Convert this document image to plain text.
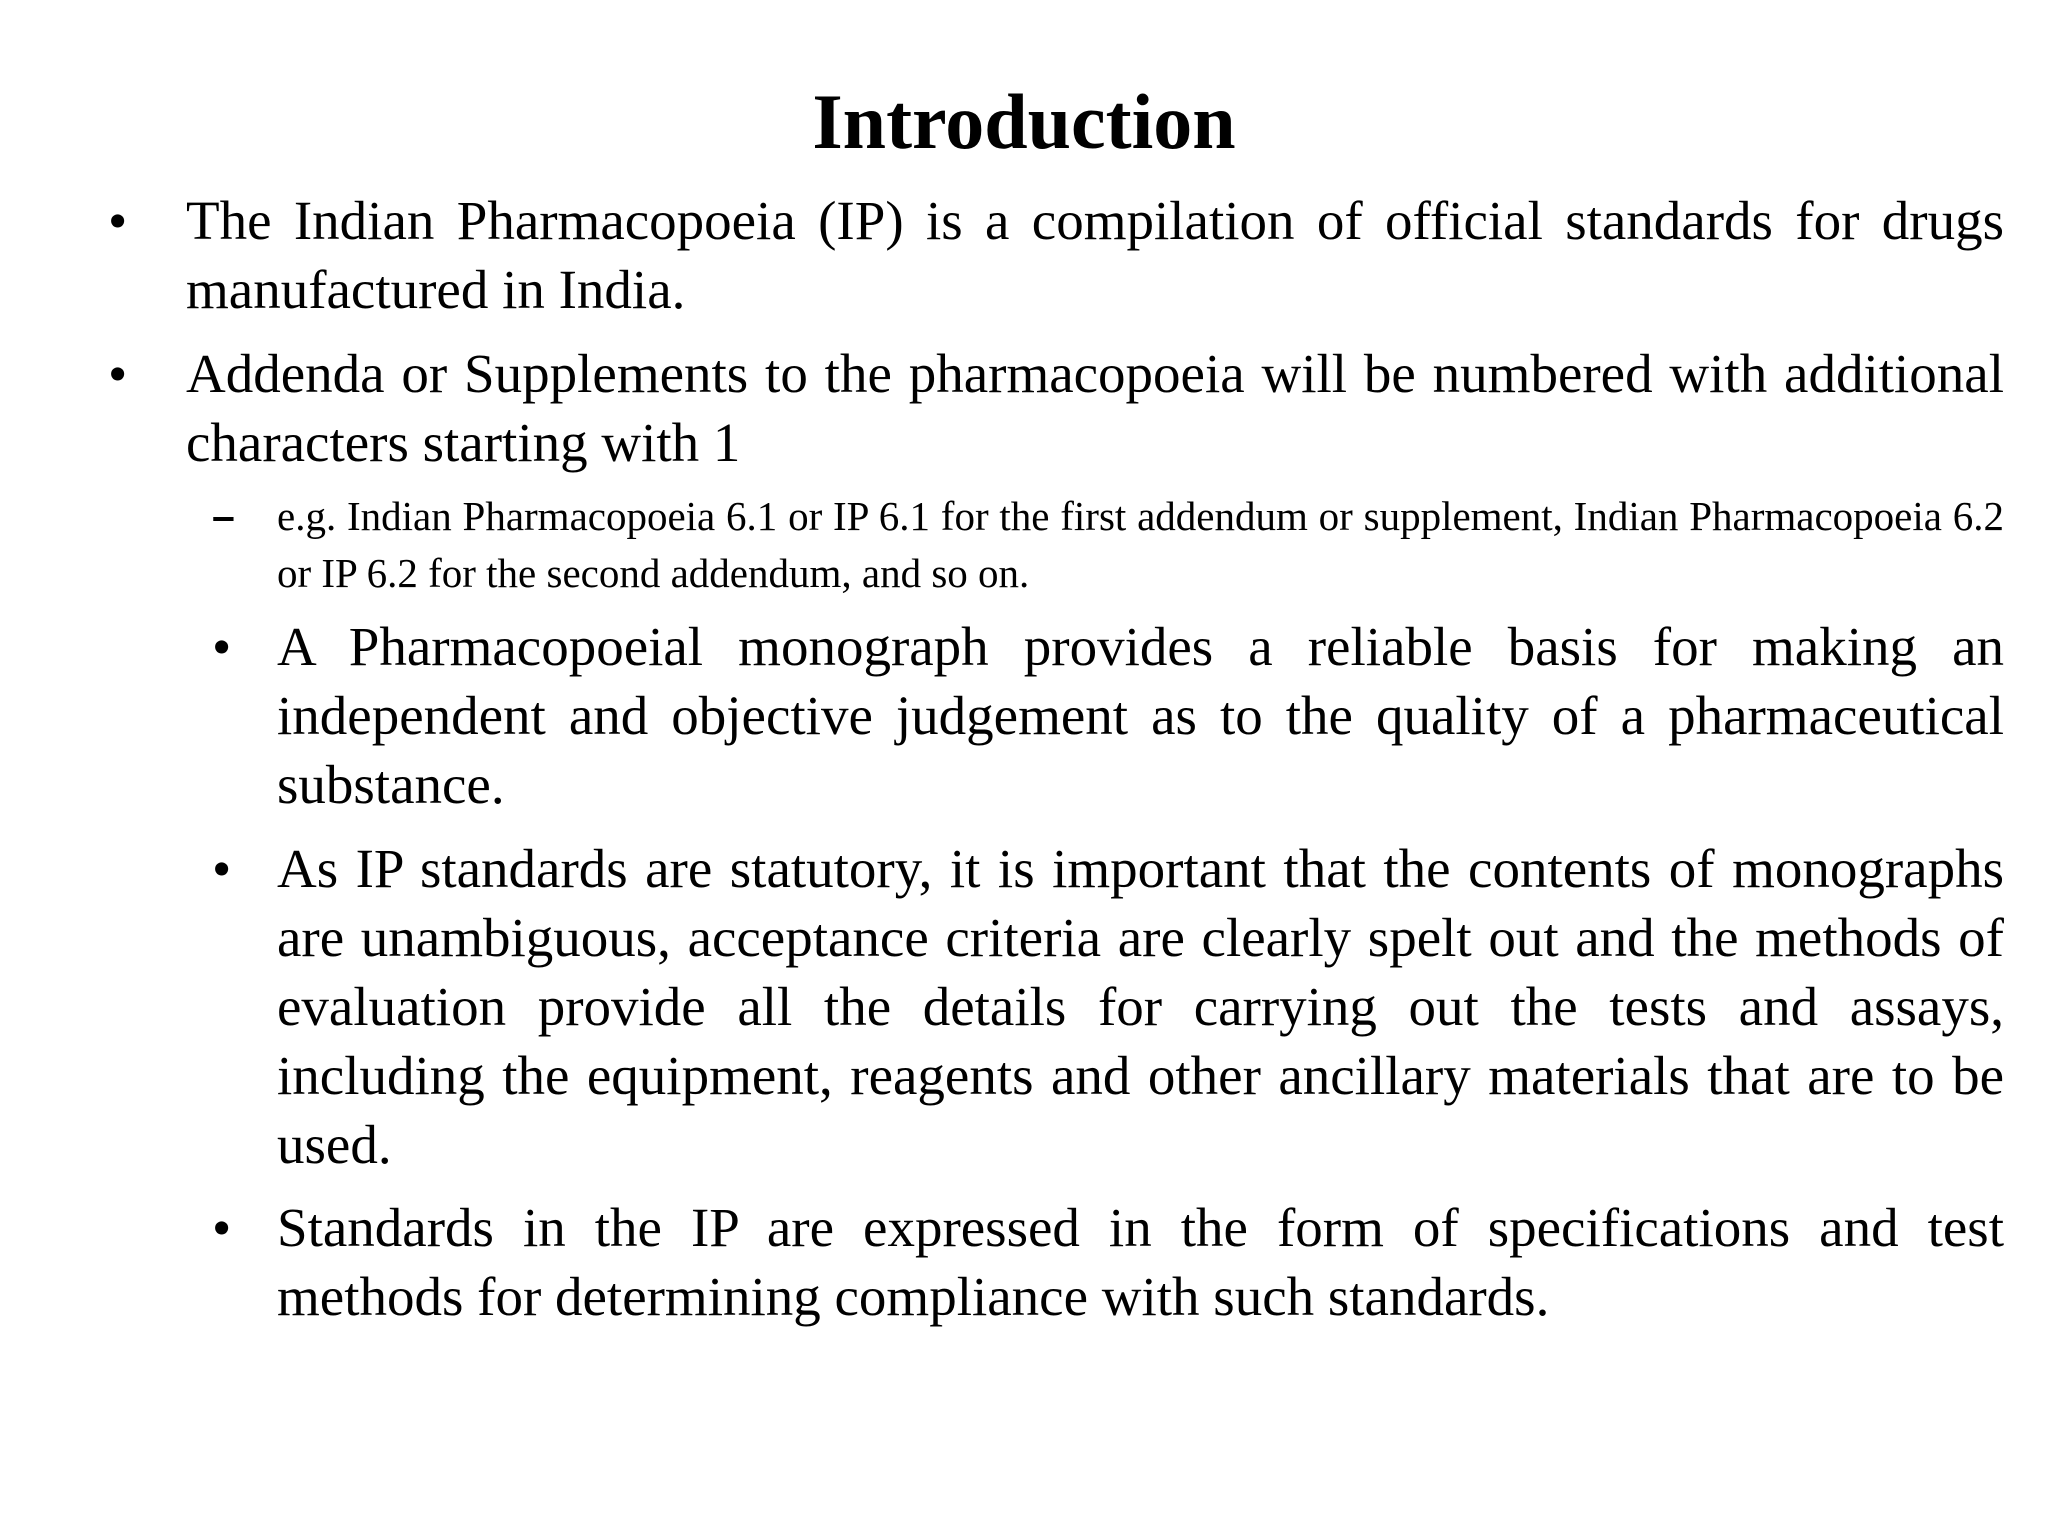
Introduction
• The Indian Pharmacopoeia (IP) is a compilation of official standards for drugs manufactured in India.
• Addenda or Supplements to the pharmacopoeia will be numbered with additional characters starting with 1
– e.g. Indian Pharmacopoeia 6.1 or IP 6.1 for the first addendum or supplement, Indian Pharmacopoeia 6.2 or IP 6.2 for the second addendum, and so on.
• A Pharmacopoeial monograph provides a reliable basis for making an independent and objective judgement as to the quality of a pharmaceutical substance.
• As IP standards are statutory, it is important that the contents of monographs are unambiguous, acceptance criteria are clearly spelt out and the methods of evaluation provide all the details for carrying out the tests and assays, including the equipment, reagents and other ancillary materials that are to be used.
• Standards in the IP are expressed in the form of specifications and test methods for determining compliance with such standards.
